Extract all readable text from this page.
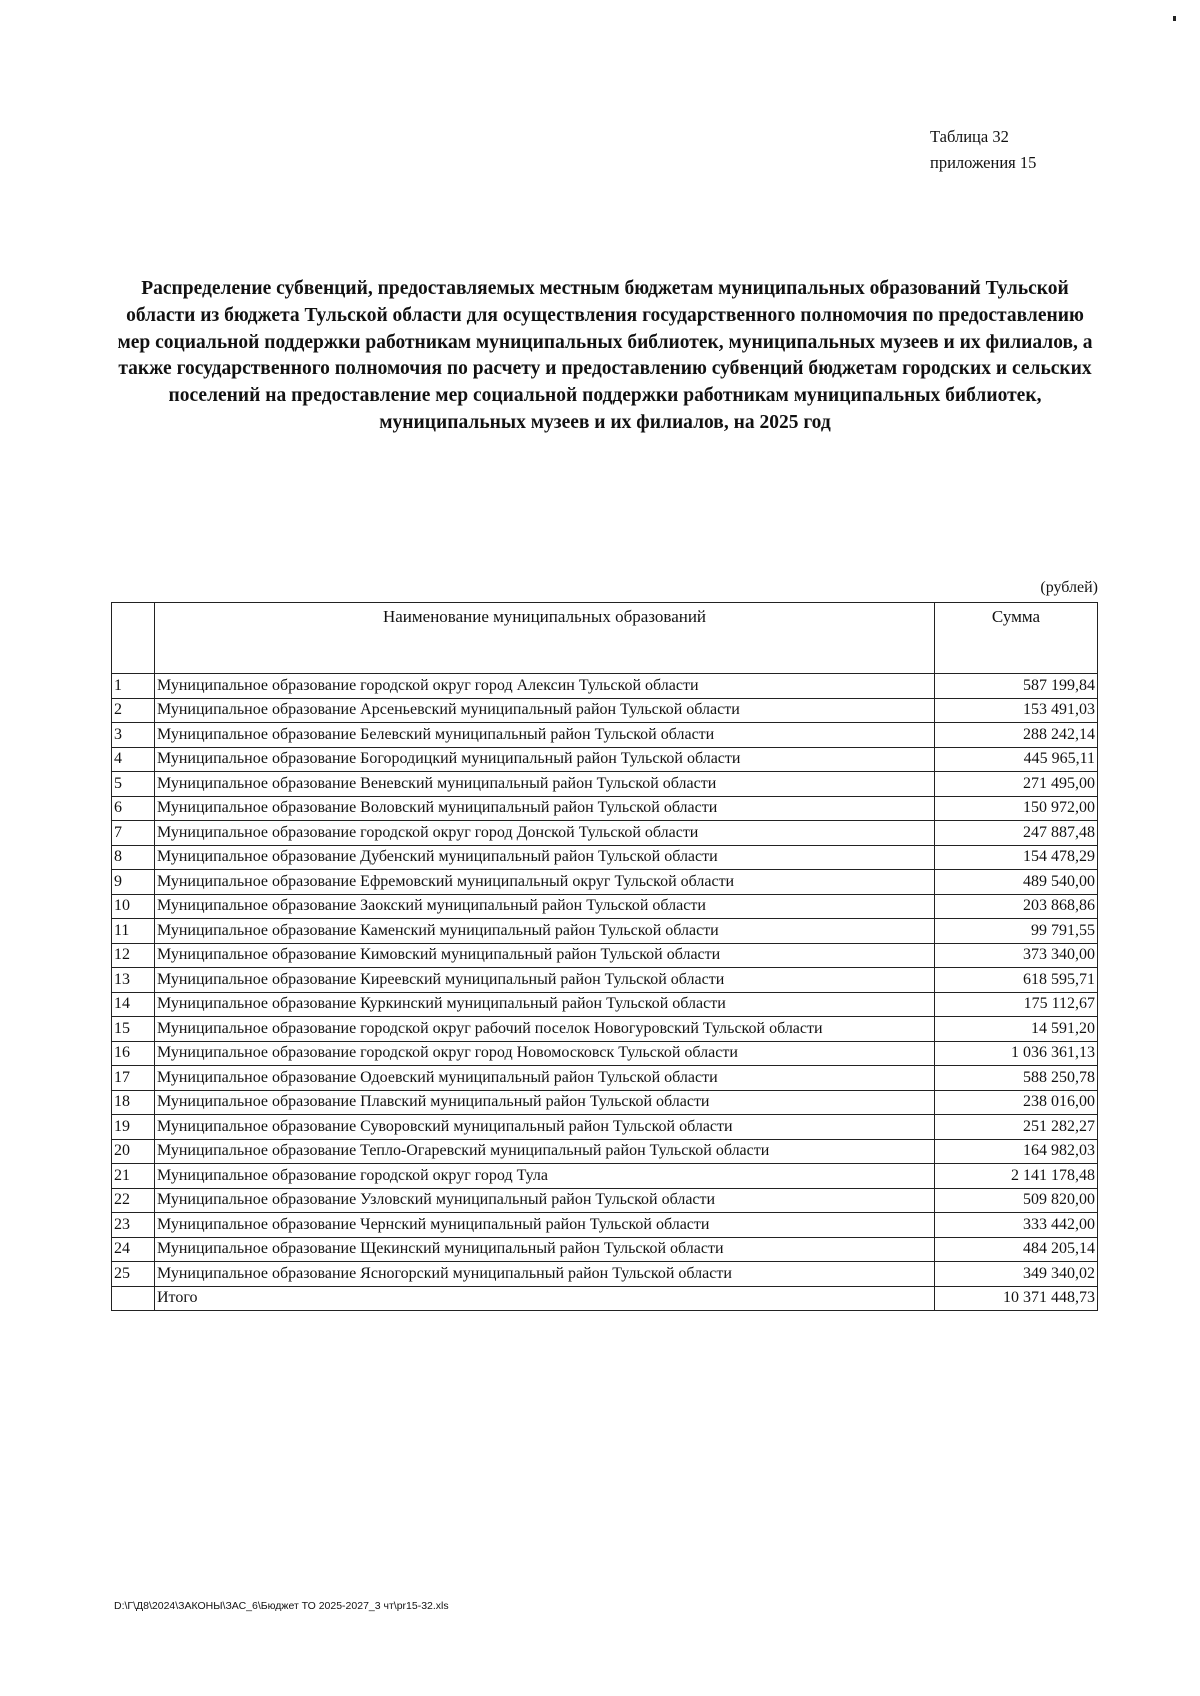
Таблица 32
приложения 15
Распределение субвенций, предоставляемых местным бюджетам муниципальных образований Тульской области из бюджета Тульской области для осуществления государственного полномочия по предоставлению мер социальной поддержки работникам муниципальных библиотек, муниципальных музеев и их филиалов, а также государственного полномочия по расчету и предоставлению субвенций бюджетам городских и сельских поселений на предоставление мер социальной поддержки работникам муниципальных библиотек, муниципальных музеев и их филиалов, на 2025 год
(рублей)
	Наименование муниципальных образований	Сумма
1	Муниципальное образование городской округ город Алексин Тульской области	587 199,84
2	Муниципальное образование Арсеньевский муниципальный район Тульской области	153 491,03
3	Муниципальное образование Белевский муниципальный район Тульской области	288 242,14
4	Муниципальное образование Богородицкий муниципальный район Тульской области	445 965,11
5	Муниципальное образование Веневский муниципальный район Тульской области	271 495,00
6	Муниципальное образование Воловский муниципальный район Тульской области	150 972,00
7	Муниципальное образование городской округ город Донской Тульской области	247 887,48
8	Муниципальное образование Дубенский муниципальный район Тульской области	154 478,29
9	Муниципальное образование Ефремовский муниципальный округ Тульской области	489 540,00
10	Муниципальное образование Заокский муниципальный район Тульской области	203 868,86
11	Муниципальное образование Каменский муниципальный район Тульской области	99 791,55
12	Муниципальное образование Кимовский муниципальный район Тульской области	373 340,00
13	Муниципальное образование Киреевский муниципальный район Тульской области	618 595,71
14	Муниципальное образование Куркинский муниципальный район Тульской области	175 112,67
15	Муниципальное образование городской округ рабочий поселок Новогуровский Тульской области	14 591,20
16	Муниципальное образование городской округ город Новомосковск Тульской области	1 036 361,13
17	Муниципальное образование Одоевский муниципальный район Тульской области	588 250,78
18	Муниципальное образование Плавский муниципальный район Тульской области	238 016,00
19	Муниципальное образование Суворовский муниципальный район Тульской области	251 282,27
20	Муниципальное образование Тепло-Огаревский муниципальный район Тульской области	164 982,03
21	Муниципальное образование городской округ город Тула	2 141 178,48
22	Муниципальное образование Узловский муниципальный район Тульской области	509 820,00
23	Муниципальное образование Чернский муниципальный район Тульской области	333 442,00
24	Муниципальное образование Щекинский муниципальный район Тульской области	484 205,14
25	Муниципальное образование Ясногорский муниципальный район Тульской области	349 340,02
	Итого	10 371 448,73
D:\Г\Д8\2024\ЗАКОНЫ\ЗАС_6\Бюджет ТО 2025-2027_3 чт\pr15-32.xls
